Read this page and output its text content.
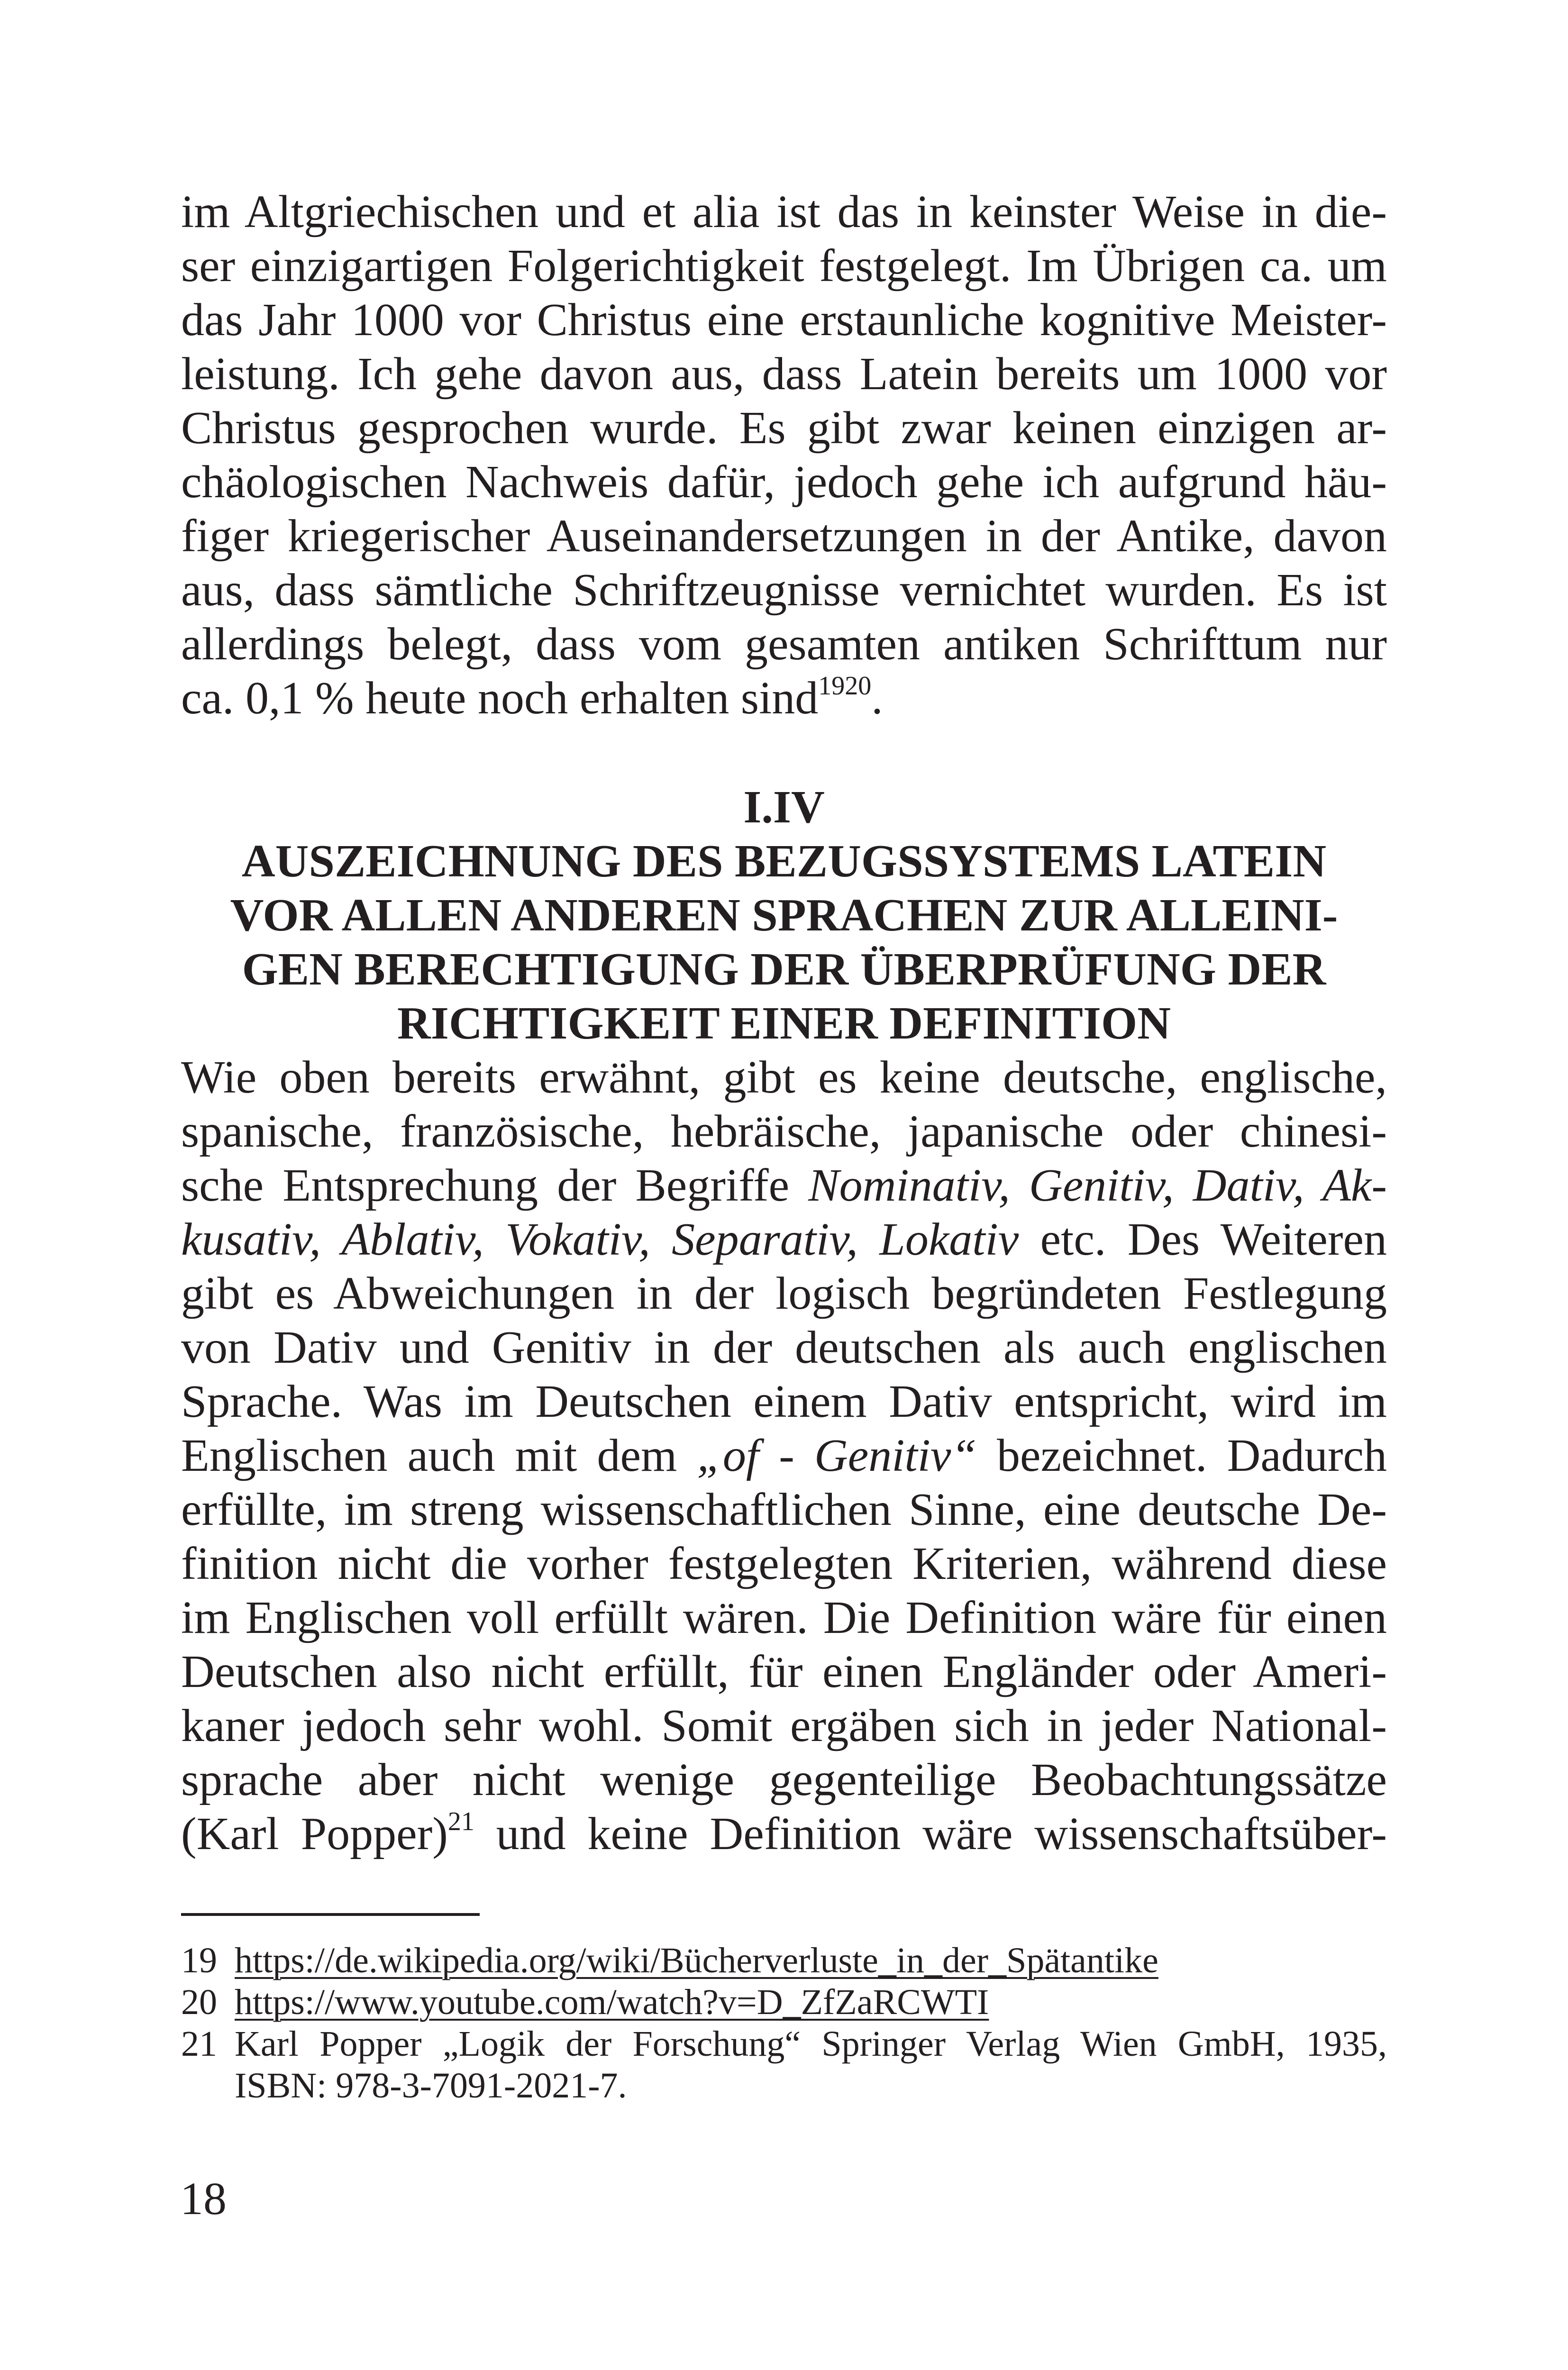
im Altgriechischen und et alia ist das in keinster Weise in die-
ser einzigartigen Folgerichtigkeit festgelegt. Im Übrigen ca. um
das Jahr 1000 vor Christus eine erstaunliche kognitive Meister-
leistung. Ich gehe davon aus, dass Latein bereits um 1000 vor
Christus gesprochen wurde. Es gibt zwar keinen einzigen ar-
chäologischen Nachweis dafür, jedoch gehe ich aufgrund häu-
figer kriegerischer Auseinandersetzungen in der Antike, davon
aus, dass sämtliche Schriftzeugnisse vernichtet wurden. Es ist
allerdings belegt, dass vom gesamten antiken Schrifttum nur
ca. 0,1 % heute noch erhalten sind$^{1920}$.
I.IV
AUSZEICHNUNG DES BEZUGSSYSTEMS LATEIN
VOR ALLEN ANDEREN SPRACHEN ZUR ALLEINI-
GEN BERECHTIGUNG DER ÜBERPRÜFUNG DER
RICHTIGKEIT EINER DEFINITION
Wie oben bereits erwähnt, gibt es keine deutsche, englische,
spanische, französische, hebräische, japanische oder chinesi-
sche Entsprechung der Begriffe Nominativ, Genitiv, Dativ, Ak-
kusativ, Ablativ, Vokativ, Separativ, Lokativ etc. Des Weiteren
gibt es Abweichungen in der logisch begründeten Festlegung
von Dativ und Genitiv in der deutschen als auch englischen
Sprache. Was im Deutschen einem Dativ entspricht, wird im
Englischen auch mit dem „of - Genitiv“ bezeichnet. Dadurch
erfüllte, im streng wissenschaftlichen Sinne, eine deutsche De-
finition nicht die vorher festgelegten Kriterien, während diese
im Englischen voll erfüllt wären. Die Definition wäre für einen
Deutschen also nicht erfüllt, für einen Engländer oder Ameri-
kaner jedoch sehr wohl. Somit ergäben sich in jeder National-
sprache aber nicht wenige gegenteilige Beobachtungssätze
(Karl Popper)$^{21}$ und keine Definition wäre wissenschaftsüber-
19 https://de.wikipedia.org/wiki/Bücherverluste_in_der_Spätantike
20 https://www.youtube.com/watch?v=D_ZfZaRCWTI
21 Karl Popper „Logik der Forschung“ Springer Verlag Wien GmbH, 1935,
ISBN: 978-3-7091-2021-7.
18
